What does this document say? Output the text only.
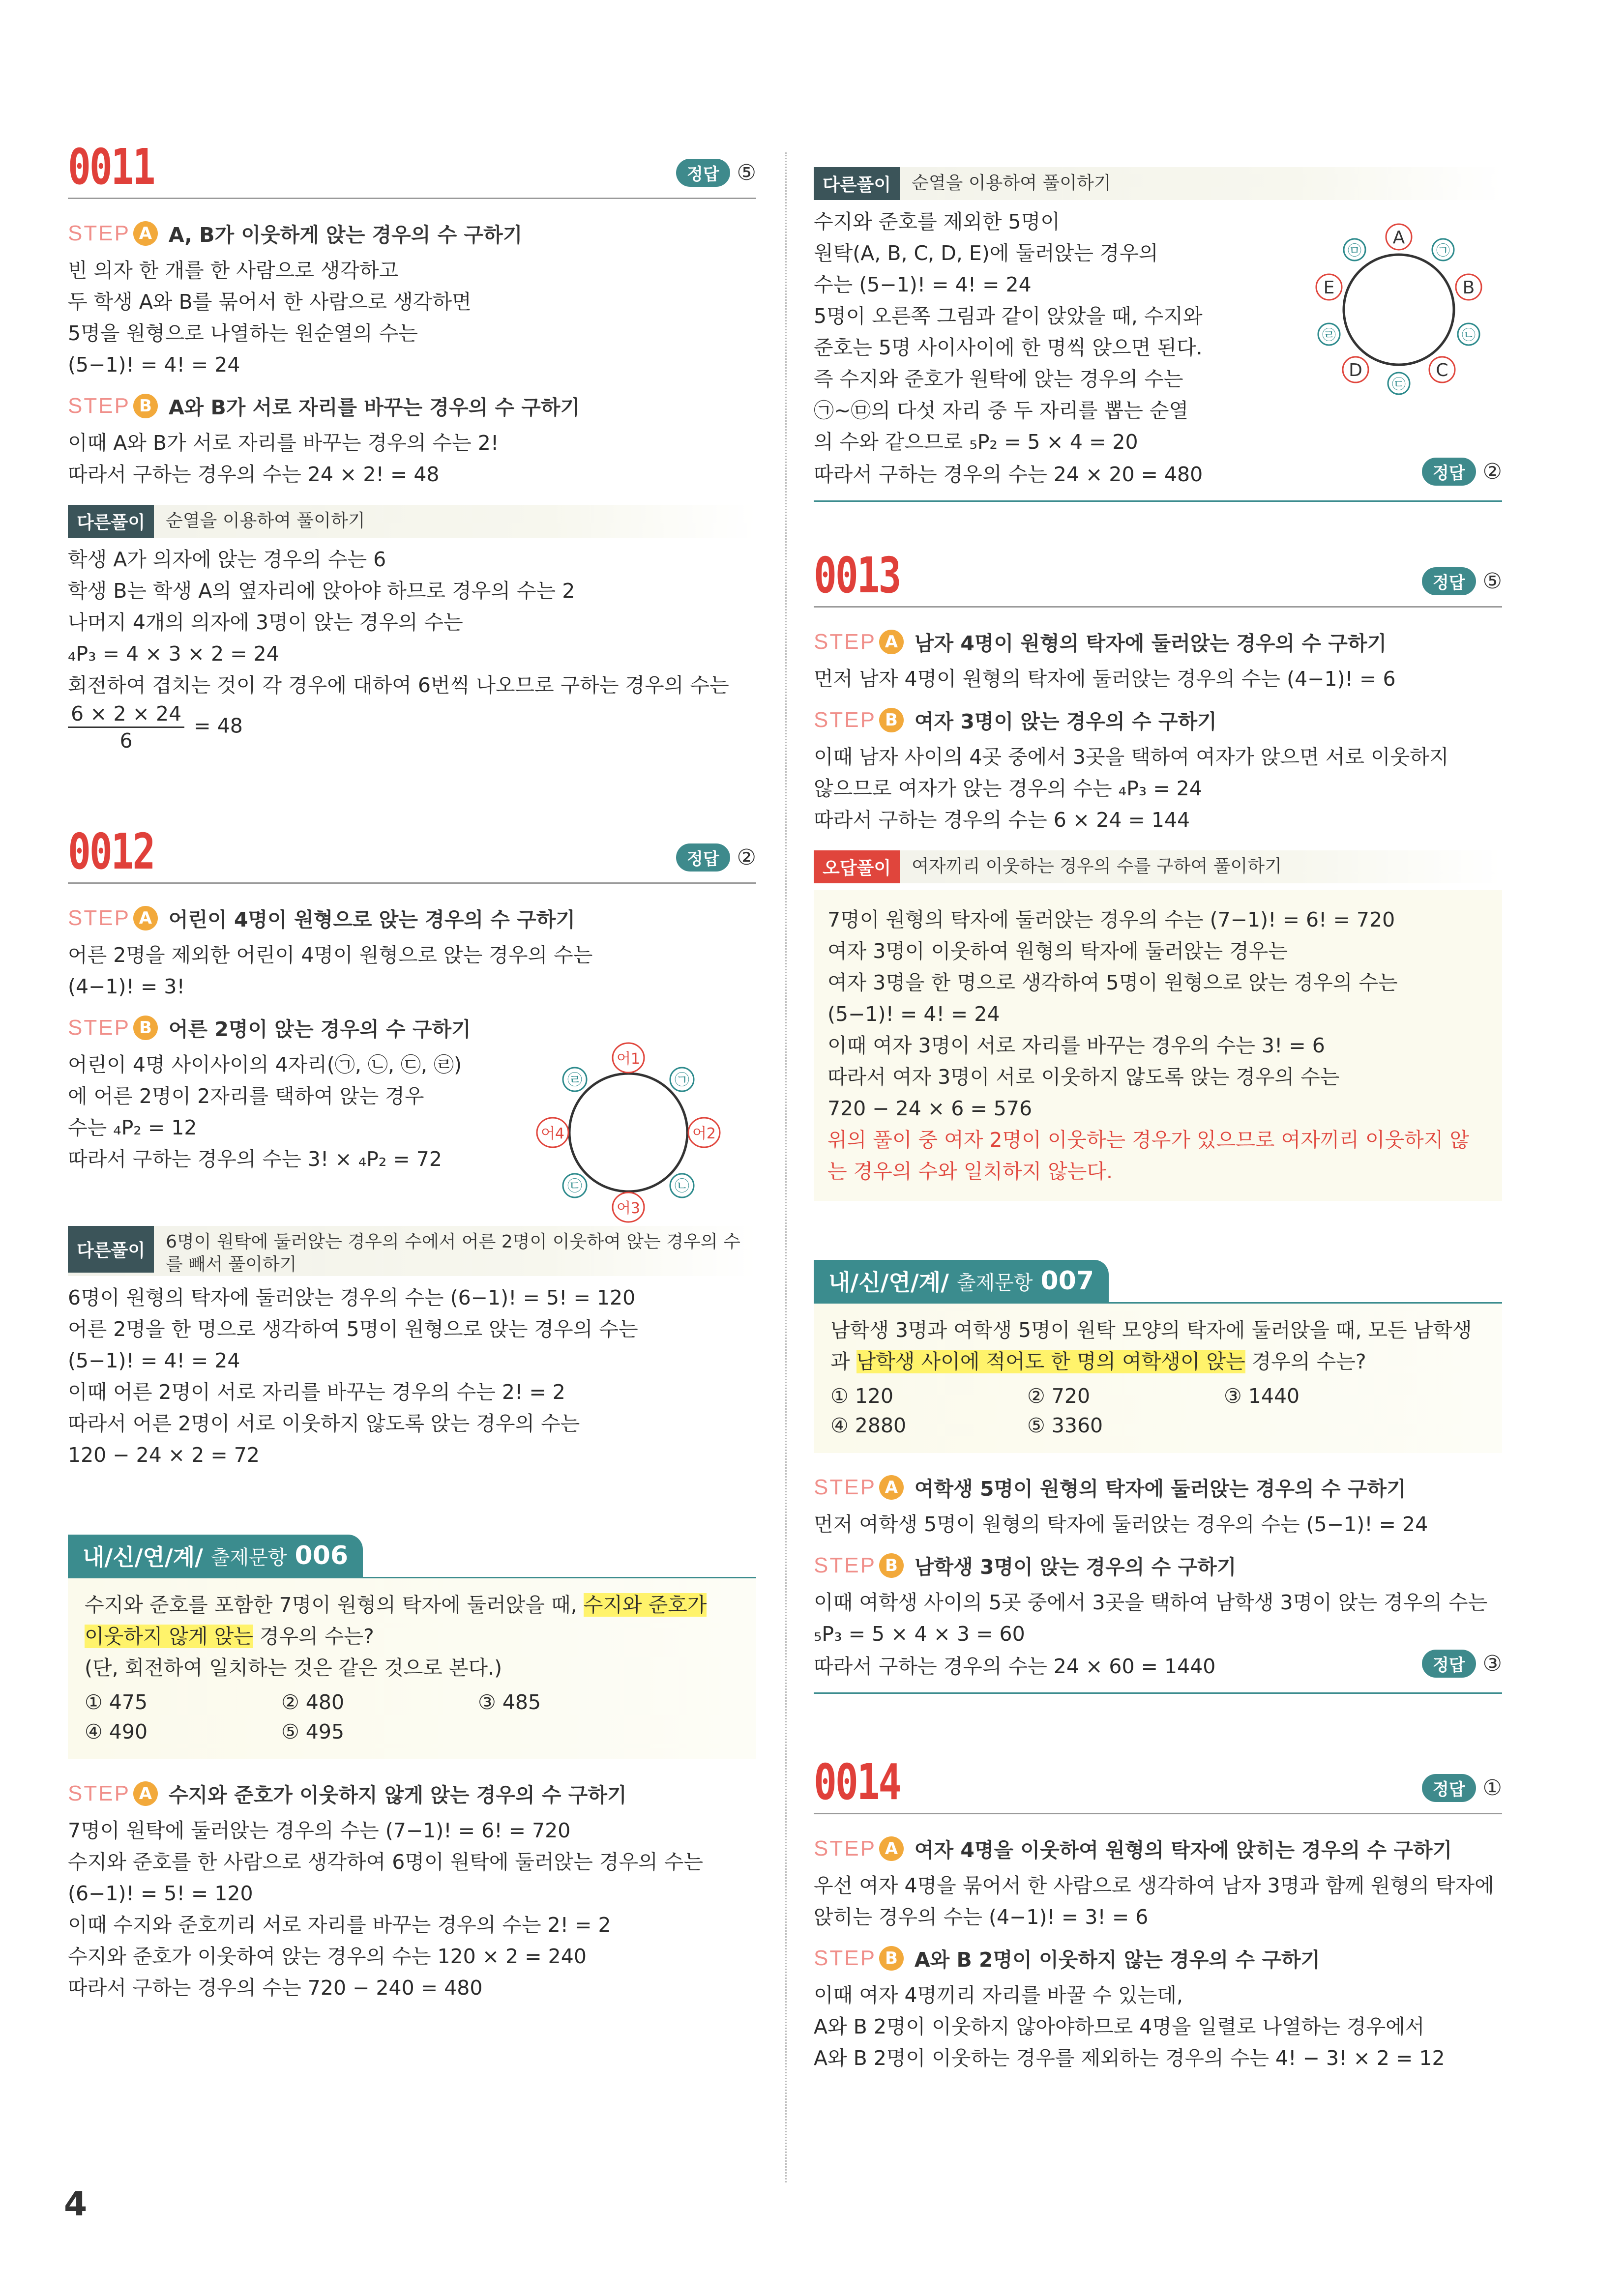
0011	정답 ⑤
STEP A A, B가 이웃하게 앉는 경우의 수 구하기
빈 의자 한 개를 한 사람으로 생각하고
두 학생 A와 B를 묶어서 한 사람으로 생각하면
5명을 원형으로 나열하는 원순열의 수는
(5−1)! = 4! = 24
STEP B A와 B가 서로 자리를 바꾸는 경우의 수 구하기
이때 A와 B가 서로 자리를 바꾸는 경우의 수는 2!
따라서 구하는 경우의 수는 24 × 2! = 48
다른풀이	순열을 이용하여 풀이하기
학생 A가 의자에 앉는 경우의 수는 6
학생 B는 학생 A의 옆자리에 앉아야 하므로 경우의 수는 2
나머지 4개의 의자에 3명이 앉는 경우의 수는
₄P₃ = 4 × 3 × 2 = 24
회전하여 겹치는 것이 각 경우에 대하여 6번씩 나오므로 구하는 경우의 수는
$\frac{6 \times 2 \times 24}{6} = 48$
0012	정답 ②
STEP A 어린이 4명이 원형으로 앉는 경우의 수 구하기
어른 2명을 제외한 어린이 4명이 원형으로 앉는 경우의 수는
(4−1)! = 3!
STEP B 어른 2명이 앉는 경우의 수 구하기
어린이 4명 사이사이의 4자리(㉠, ㉡, ㉢, ㉣)
에 어른 2명이 2자리를 택하여 앉는 경우
수는 ₄P₂ = 12
따라서 구하는 경우의 수는 3! × ₄P₂ = 72
어1
어2
어3
어4
㉠
㉡
㉢
㉣
다른풀이	6명이 원탁에 둘러앉는 경우의 수에서 어른 2명이 이웃하여 앉는 경우의 수
를 빼서 풀이하기
6명이 원형의 탁자에 둘러앉는 경우의 수는 (6−1)! = 5! = 120
어른 2명을 한 명으로 생각하여 5명이 원형으로 앉는 경우의 수는
(5−1)! = 4! = 24
이때 어른 2명이 서로 자리를 바꾸는 경우의 수는 2! = 2
따라서 어른 2명이 서로 이웃하지 않도록 앉는 경우의 수는
120 − 24 × 2 = 72
내/신/연/계/ 출제문항 006
수지와 준호를 포함한 7명이 원형의 탁자에 둘러앉을 때, 수지와 준호가
이웃하지 않게 앉는 경우의 수는?
(단, 회전하여 일치하는 것은 같은 것으로 본다.)
① 475	② 480	③ 485
④ 490	⑤ 495
STEP A 수지와 준호가 이웃하지 않게 앉는 경우의 수 구하기
7명이 원탁에 둘러앉는 경우의 수는 (7−1)! = 6! = 720
수지와 준호를 한 사람으로 생각하여 6명이 원탁에 둘러앉는 경우의 수는
(6−1)! = 5! = 120
이때 수지와 준호끼리 서로 자리를 바꾸는 경우의 수는 2! = 2
수지와 준호가 이웃하여 앉는 경우의 수는 120 × 2 = 240
따라서 구하는 경우의 수는 720 − 240 = 480
다른풀이	순열을 이용하여 풀이하기
수지와 준호를 제외한 5명이
원탁(A, B, C, D, E)에 둘러앉는 경우의
수는 (5−1)! = 4! = 24
5명이 오른쪽 그림과 같이 앉았을 때, 수지와
준호는 5명 사이사이에 한 명씩 앉으면 된다.
즉 수지와 준호가 원탁에 앉는 경우의 수는
㉠~㉤의 다섯 자리 중 두 자리를 뽑는 순열
의 수와 같으므로 ₅P₂ = 5 × 4 = 20
따라서 구하는 경우의 수는 24 × 20 = 480	정답 ②
A
B
C
D
E
㉠
㉡
㉢
㉣
㉤
0013	정답 ⑤
STEP A 남자 4명이 원형의 탁자에 둘러앉는 경우의 수 구하기
먼저 남자 4명이 원형의 탁자에 둘러앉는 경우의 수는 (4−1)! = 6
STEP B 여자 3명이 앉는 경우의 수 구하기
이때 남자 사이의 4곳 중에서 3곳을 택하여 여자가 앉으면 서로 이웃하지
않으므로 여자가 앉는 경우의 수는 ₄P₃ = 24
따라서 구하는 경우의 수는 6 × 24 = 144
오답풀이	여자끼리 이웃하는 경우의 수를 구하여 풀이하기
7명이 원형의 탁자에 둘러앉는 경우의 수는 (7−1)! = 6! = 720
여자 3명이 이웃하여 원형의 탁자에 둘러앉는 경우는
여자 3명을 한 명으로 생각하여 5명이 원형으로 앉는 경우의 수는
(5−1)! = 4! = 24
이때 여자 3명이 서로 자리를 바꾸는 경우의 수는 3! = 6
따라서 여자 3명이 서로 이웃하지 않도록 앉는 경우의 수는
720 − 24 × 6 = 576
위의 풀이 중 여자 2명이 이웃하는 경우가 있으므로 여자끼리 이웃하지 않
는 경우의 수와 일치하지 않는다.
내/신/연/계/ 출제문항 007
남학생 3명과 여학생 5명이 원탁 모양의 탁자에 둘러앉을 때, 모든 남학생
과 남학생 사이에 적어도 한 명의 여학생이 앉는 경우의 수는?
① 120	② 720	③ 1440
④ 2880	⑤ 3360
STEP A 여학생 5명이 원형의 탁자에 둘러앉는 경우의 수 구하기
먼저 여학생 5명이 원형의 탁자에 둘러앉는 경우의 수는 (5−1)! = 24
STEP B 남학생 3명이 앉는 경우의 수 구하기
이때 여학생 사이의 5곳 중에서 3곳을 택하여 남학생 3명이 앉는 경우의 수는
₅P₃ = 5 × 4 × 3 = 60
따라서 구하는 경우의 수는 24 × 60 = 1440	정답 ③
0014	정답 ①
STEP A 여자 4명을 이웃하여 원형의 탁자에 앉히는 경우의 수 구하기
우선 여자 4명을 묶어서 한 사람으로 생각하여 남자 3명과 함께 원형의 탁자에
앉히는 경우의 수는 (4−1)! = 3! = 6
STEP B A와 B 2명이 이웃하지 않는 경우의 수 구하기
이때 여자 4명끼리 자리를 바꿀 수 있는데,
A와 B 2명이 이웃하지 않아야하므로 4명을 일렬로 나열하는 경우에서
A와 B 2명이 이웃하는 경우를 제외하는 경우의 수는 4! − 3! × 2 = 12
4
